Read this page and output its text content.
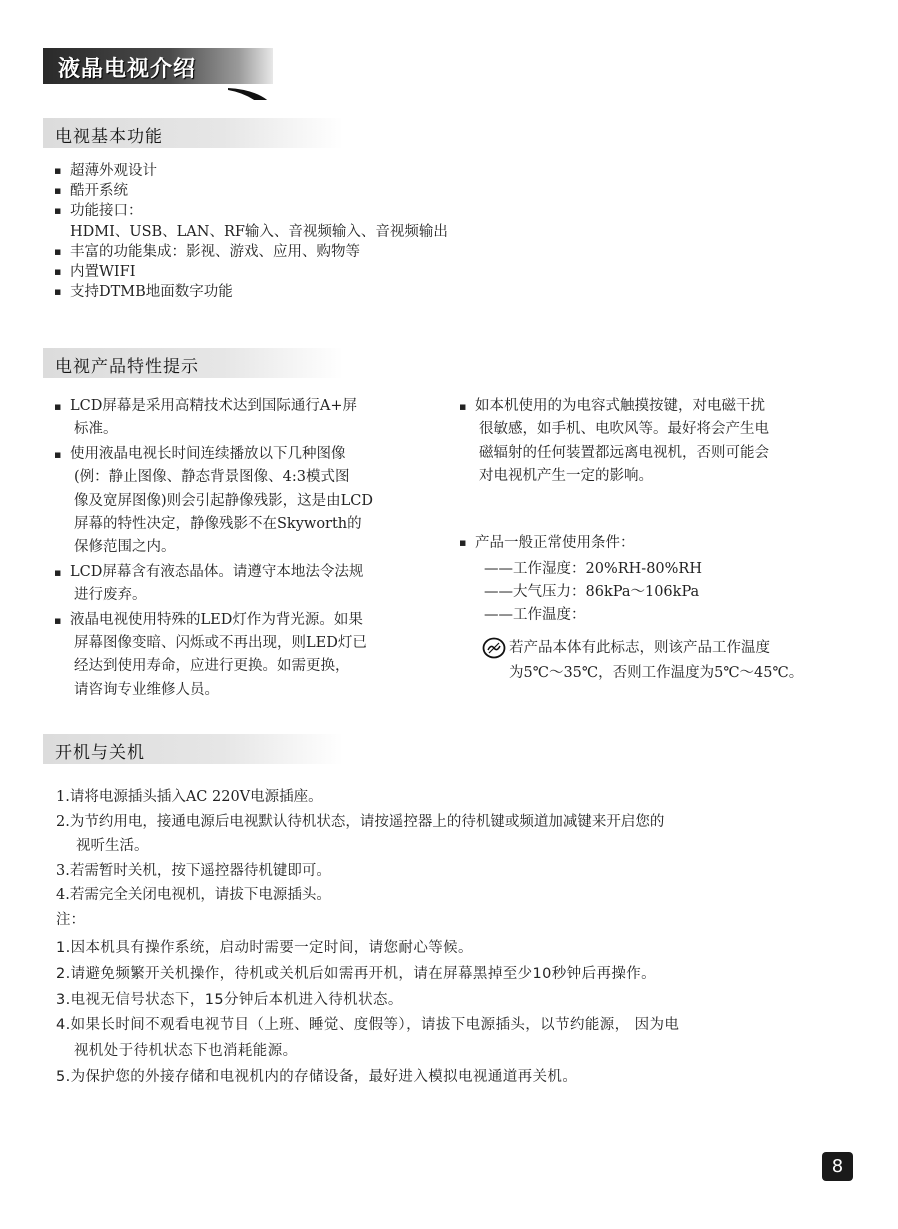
液晶电视介绍
电视基本功能
▪ 超薄外观设计
▪ 酷开系统
▪ 功能接口：
HDMI、USB、LAN、RF输入、音视频输入、音视频输出
▪ 丰富的功能集成：影视、游戏、应用、购物等
▪ 内置WIFI
▪ 支持DTMB地面数字功能
电视产品特性提示
▪ LCD屏幕是采用高精技术达到国际通行A+屏
标准。
▪ 使用液晶电视长时间连续播放以下几种图像
(例：静止图像、静态背景图像、4:3模式图
像及宽屏图像)则会引起静像残影，这是由LCD
屏幕的特性决定，静像残影不在Skyworth的
保修范围之内。
▪ LCD屏幕含有液态晶体。请遵守本地法令法规
进行废弃。
▪ 液晶电视使用特殊的LED灯作为背光源。如果
屏幕图像变暗、闪烁或不再出现，则LED灯已
经达到使用寿命，应进行更换。如需更换，
请咨询专业维修人员。
▪ 如本机使用的为电容式触摸按键，对电磁干扰
很敏感，如手机、电吹风等。最好将会产生电
磁辐射的任何装置都远离电视机，否则可能会
对电视机产生一定的影响。
▪ 产品一般正常使用条件：
——工作湿度：20%RH-80%RH
——大气压力：86kPa～106kPa
——工作温度：
若产品本体有此标志，则该产品工作温度
为5℃～35℃，否则工作温度为5℃～45℃。
开机与关机
1.请将电源插头插入AC 220V电源插座。
2.为节约用电，接通电源后电视默认待机状态，请按遥控器上的待机键或频道加减键来开启您的
视听生活。
3.若需暂时关机，按下遥控器待机键即可。
4.若需完全关闭电视机，请拔下电源插头。
注：
1.因本机具有操作系统，启动时需要一定时间，请您耐心等候。
2.请避免频繁开关机操作，待机或关机后如需再开机，请在屏幕黑掉至少10秒钟后再操作。
3.电视无信号状态下，15分钟后本机进入待机状态。
4.如果长时间不观看电视节目（上班、睡觉、度假等），请拔下电源插头，以节约能源， 因为电
视机处于待机状态下也消耗能源。
5.为保护您的外接存储和电视机内的存储设备，最好进入模拟电视通道再关机。
8
